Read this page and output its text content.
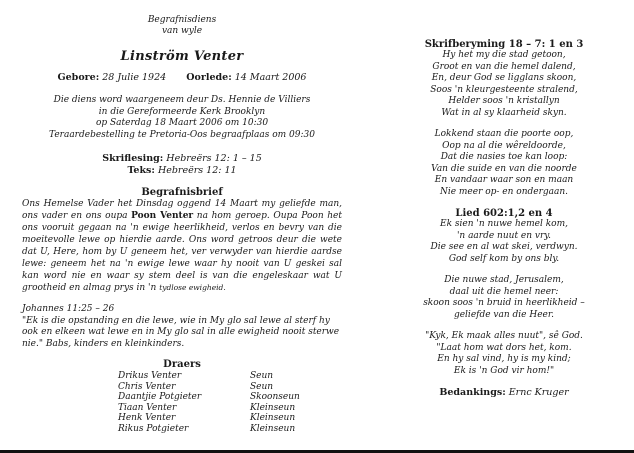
Begrafnisdiens
van wyle
Linström Venter
Gebore: 28 Julie 1924 Oorlede: 14 Maart 2006
Die diens word waargeneem deur Ds. Hennie de Villiers
in die Gereformeerde Kerk Brooklyn
op Saterdag 18 Maart 2006 om 10:30
Teraardebestelling te Pretoria-Oos begraafplaas om 09:30
Skriflesing: Hebreërs 12: 1 – 15
Teks: Hebreërs 12: 11
Begrafnisbrief

Ons Hemelse Vader het Dinsdag oggend 14 Maart my geliefde man, ons vader en ons oupa Poon Venter na hom geroep. Oupa Poon het ons vooruit gegaan na 'n ewige heerlikheid, verlos en bevry van die moeitevolle lewe op hierdie aarde. Ons word getroos deur die wete dat U, Here, hom by U geneem het, ver verwyder van hierdie aardse lewe: geneem het na 'n ewige lewe waar hy nooit van U geskei sal kan word nie en waar sy stem deel is van die engeleskaar wat U grootheid en almag prys in 'n tydlose ewigheid.

Johannes 11:25 – 26
"Ek is die opstanding en die lewe, wie in My glo sal lewe al sterf hy ook en elkeen wat lewe en in My glo sal in alle ewigheid nooit sterwe nie." Babs, kinders en kleinkinders.
Draers
Drikus Venter	Seun
Chris Venter	Seun
Daantjie Potgieter	Skoonseun
Tiaan Venter	Kleinseun
Henk Venter	Kleinseun
Rikus Potgieter	Kleinseun
Skrifberyming 18 – 7: 1 en 3
Hy het my die stad getoon,
Groot en van die hemel dalend,
En, deur God se ligglans skoon,
Soos 'n kleurgesteente stralend,
Helder soos 'n kristallyn
Wat in al sy klaarheid skyn.
Lokkend staan die poorte oop,
Oop na al die wêreldoorde,
Dat die nasies toe kan loop:
Van die suide en van die noorde
En vandaar waar son en maan
Nie meer op- en ondergaan.
Lied 602:1,2 en 4
Ek sien 'n nuwe hemel kom,
'n aarde nuut en vry.
Die see en al wat skei, verdwyn.
God self kom by ons bly.
Die nuwe stad, Jerusalem,
daal uit die hemel neer:
skoon soos 'n bruid in heerlikheid –
geliefde van die Heer.
"Kyk, Ek maak alles nuut", sê God.
"Laat hom wat dors het, kom.
En hy sal vind, hy is my kind;
Ek is 'n God vir hom!"
Bedankings: Ernc Kruger
